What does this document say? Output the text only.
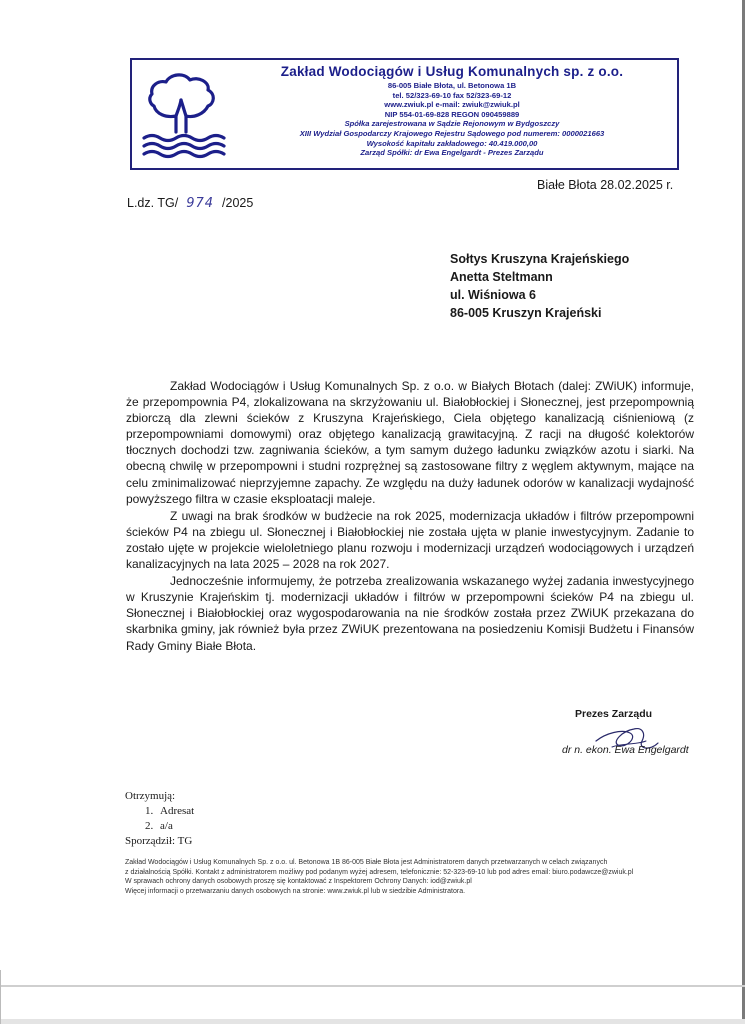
Zakład Wodociągów i Usług Komunalnych sp. z o.o.
86-005 Białe Błota, ul. Betonowa 1B
tel. 52/323-69-10 fax 52/323-69-12
www.zwiuk.pl e-mail: zwiuk@zwiuk.pl
NIP 554-01-69-828 REGON 090459889
Spółka zarejestrowana w Sądzie Rejonowym w Bydgoszczy
XIII Wydział Gospodarczy Krajowego Rejestru Sądowego pod numerem: 0000021663
Wysokość kapitału zakładowego: 40.419.000,00
Zarząd Spółki: dr Ewa Engelgardt - Prezes Zarządu
Białe Błota 28.02.2025 r.
L.dz. TG/ 974 /2025
Sołtys Kruszyna Krajeńskiego
Anetta Steltmann
ul. Wiśniowa 6
86-005 Kruszyn Krajeński

Zakład Wodociągów i Usług Komunalnych Sp. z o.o. w Białych Błotach (dalej: ZWiUK) informuje, że przepompownia P4, zlokalizowana na skrzyżowaniu ul. Białobłockiej i Słonecznej, jest przepompownią zbiorczą dla zlewni ścieków z Kruszyna Krajeńskiego, Ciela objętego kanalizacją ciśnieniową (z przepompowniami domowymi) oraz objętego kanalizacją grawitacyjną. Z racji na długość kolektorów tłocznych dochodzi tzw. zagniwania ścieków, a tym samym dużego ładunku związków azotu i siarki. Na obecną chwilę w przepompowni i studni rozprężnej są zastosowane filtry z węglem aktywnym, mające na celu zminimalizować nieprzyjemne zapachy. Ze względu na duży ładunek odorów w kanalizacji wydajność powyższego filtra w czasie eksploatacji maleje.

Z uwagi na brak środków w budżecie na rok 2025, modernizacja układów i filtrów przepompowni ścieków P4 na zbiegu ul. Słonecznej i Białobłockiej nie została ujęta w planie inwestycyjnym. Zadanie to zostało ujęte w projekcie wieloletniego planu rozwoju i modernizacji urządzeń wodociągowych i urządzeń kanalizacyjnych na lata 2025 – 2028 na rok 2027.

Jednocześnie informujemy, że potrzeba zrealizowania wskazanego wyżej zadania inwestycyjnego w Kruszynie Krajeńskim tj. modernizacji układów i filtrów w przepompowni ścieków P4 na zbiegu ul. Słonecznej i Białobłockiej oraz wygospodarowania na nie środków została przez ZWiUK przekazana do skarbnika gminy, jak również była przez ZWiUK prezentowana na posiedzeniu Komisji Budżetu i Finansów Rady Gminy Białe Błota.

Prezes Zarządu
dr n. ekon. Ewa Engelgardt
Otrzymują:
1. Adresat
2. a/a
Sporządził: TG
Zakład Wodociągów i Usług Komunalnych Sp. z o.o. ul. Betonowa 1B 86-005 Białe Błota jest Administratorem danych przetwarzanych w celach związanych
z działalnością Spółki. Kontakt z administratorem możliwy pod podanym wyżej adresem, telefonicznie: 52-323-69-10 lub pod adres email: biuro.podawcze@zwiuk.pl
W sprawach ochrony danych osobowych proszę się kontaktować z Inspektorem Ochrony Danych: iod@zwiuk.pl
Więcej informacji o przetwarzaniu danych osobowych na stronie: www.zwiuk.pl lub w siedzibie Administratora.
